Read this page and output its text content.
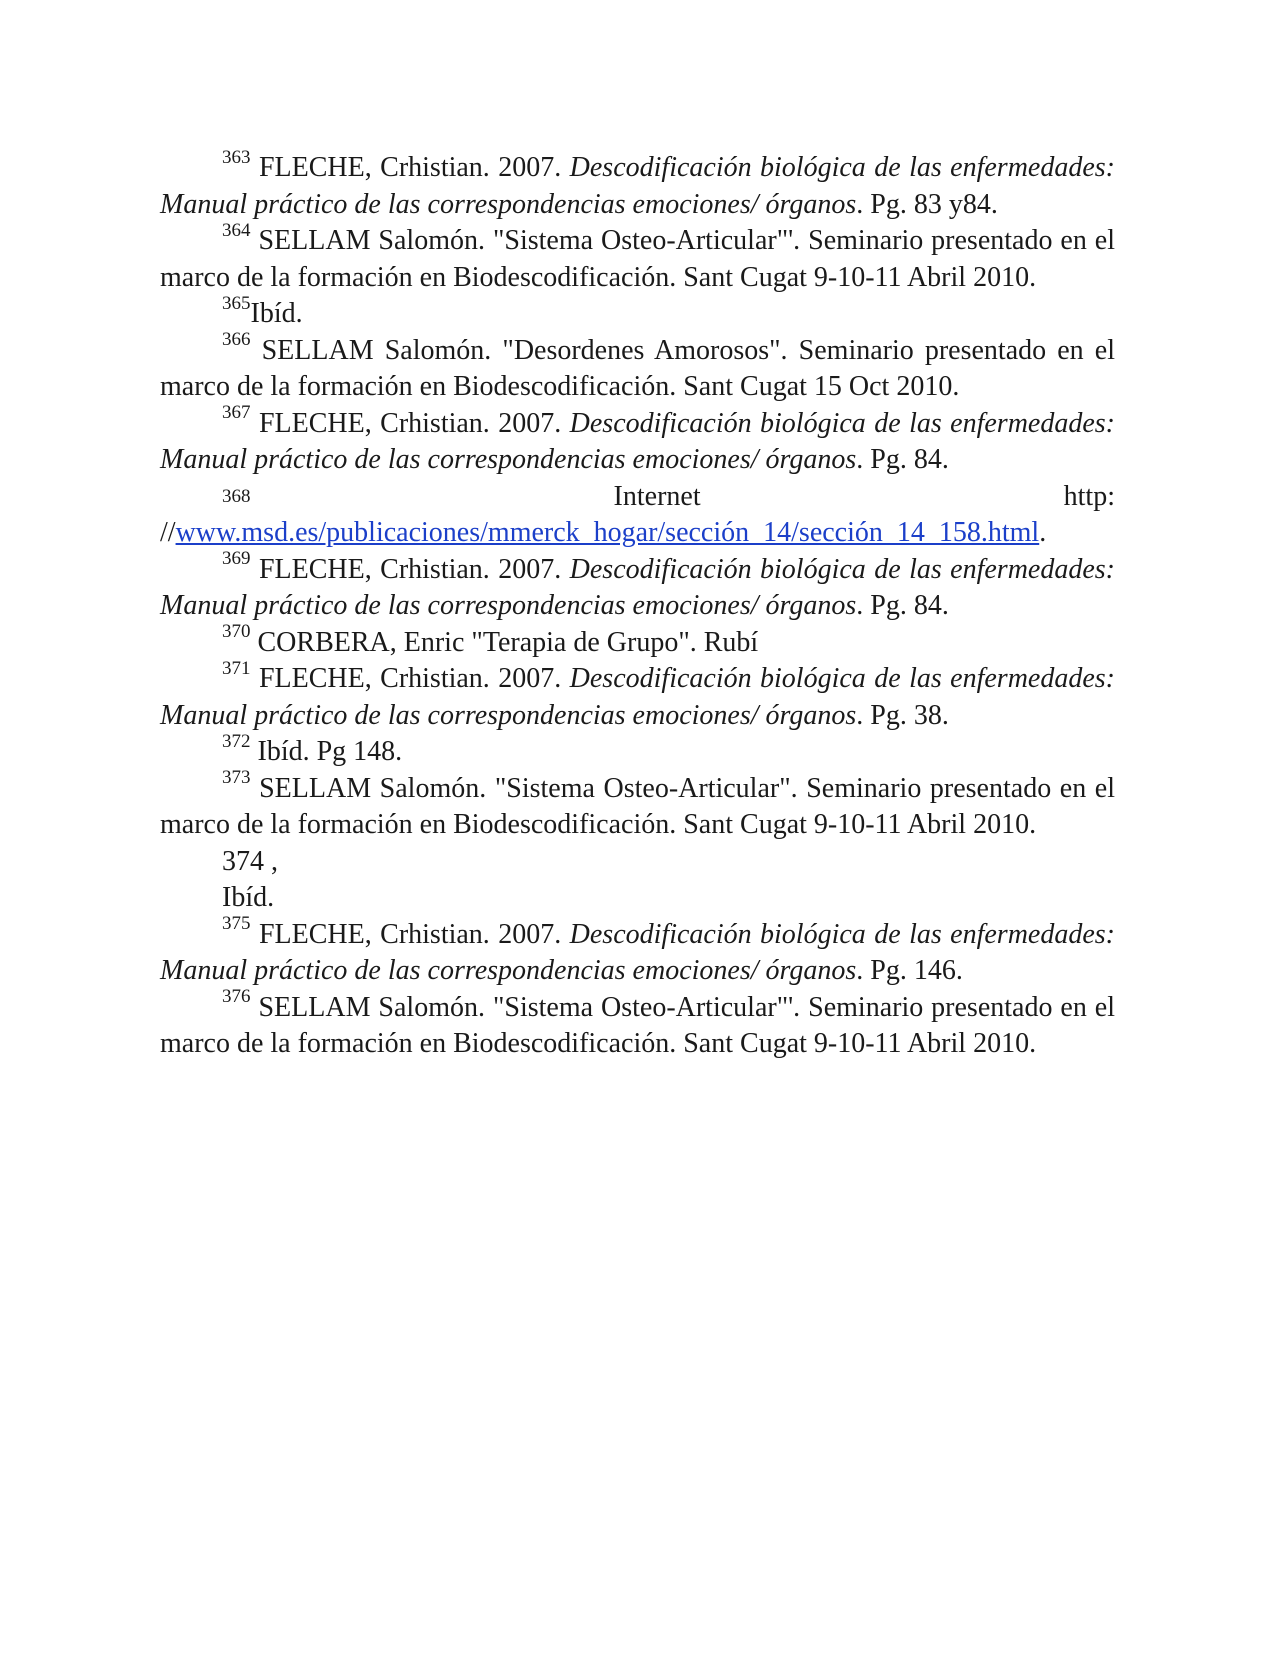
$^{363}$ FLECHE, Crhistian. 2007. Descodificación biológica de las enfermedades: Manual práctico de las correspondencias emociones/ órganos. Pg. 83 y84.

$^{364}$ SELLAM Salomón. "Sistema Osteo-Articular"'. Seminario presentado en el marco de la formación en Biodescodificación. Sant Cugat 9-10-11 Abril 2010.

$^{365}$Ibíd.

$^{366}$ SELLAM Salomón. "Desordenes Amorosos". Seminario presentado en el marco de la formación en Biodescodificación. Sant Cugat 15 Oct 2010.

$^{367}$ FLECHE, Crhistian. 2007. Descodificación biológica de las enfermedades: Manual práctico de las correspondencias emociones/ órganos. Pg. 84.

$^{368}$	Internet	http:

//www.msd.es/publicaciones/mmerck_hogar/sección_14/sección_14_158.html.

$^{369}$ FLECHE, Crhistian. 2007. Descodificación biológica de las enfermedades: Manual práctico de las correspondencias emociones/ órganos. Pg. 84.

$^{370}$ CORBERA, Enric "Terapia de Grupo". Rubí

$^{371}$ FLECHE, Crhistian. 2007. Descodificación biológica de las enfermedades: Manual práctico de las correspondencias emociones/ órganos. Pg. 38.

$^{372}$ Ibíd. Pg 148.

$^{373}$ SELLAM Salomón. "Sistema Osteo-Articular". Seminario presentado en el marco de la formación en Biodescodificación. Sant Cugat 9-10-11 Abril 2010.

374 ,
Ibíd.

$^{375}$ FLECHE, Crhistian. 2007. Descodificación biológica de las enfermedades: Manual práctico de las correspondencias emociones/ órganos. Pg. 146.

$^{376}$ SELLAM Salomón. "Sistema Osteo-Articular"'. Seminario presentado en el marco de la formación en Biodescodificación. Sant Cugat 9-10-11 Abril 2010.
